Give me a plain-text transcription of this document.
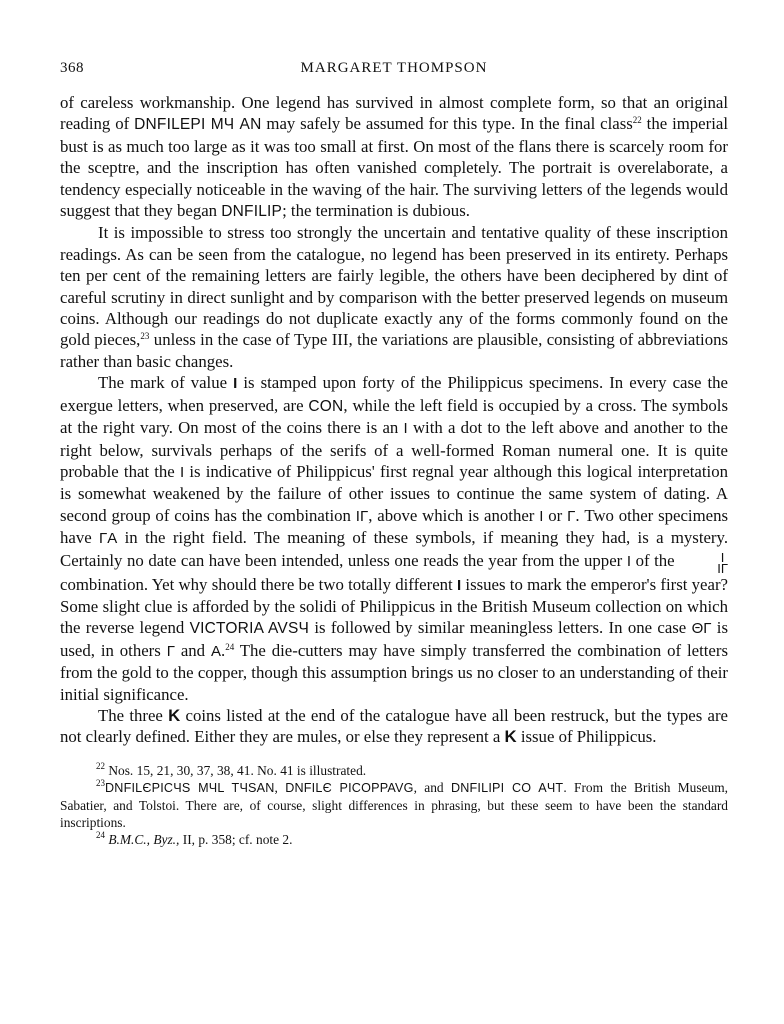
368	MARGARET THOMPSON

of careless workmanship. One legend has survived in almost complete form, so that an original reading of DNFILEPI MЧ AN may safely be assumed for this type. In the final class$^{22}$ the imperial bust is as much too large as it was too small at first. On most of the flans there is scarcely room for the sceptre, and the inscription has often vanished completely. The portrait is overelaborate, a tendency especially noticeable in the waving of the hair. The surviving letters of the legends would suggest that they began DNFILIP; the termination is dubious.

It is impossible to stress too strongly the uncertain and tentative quality of these inscription readings. As can be seen from the catalogue, no legend has been preserved in its entirety. Perhaps ten per cent of the remaining letters are fairly legible, the others have been deciphered by dint of careful scrutiny in direct sunlight and by comparison with the better preserved legends on museum coins. Although our readings do not duplicate exactly any of the forms commonly found on the gold pieces,$^{23}$ unless in the case of Type III, the variations are plausible, consisting of abbreviations rather than basic changes.

The mark of value I is stamped upon forty of the Philippicus specimens. In every case the exergue letters, when preserved, are CON, while the left field is occupied by a cross. The symbols at the right vary. On most of the coins there is an I with a dot to the left above and another to the right below, survivals perhaps of the serifs of a well-formed Roman numeral one. It is quite probable that the I is indicative of Philippicus' first regnal year although this logical interpretation is somewhat weakened by the failure of other issues to continue the same system of dating. A second group of coins has the combination IΓ, above which is another I or Γ. Two other specimens have ΓA in the right field. The meaning of these symbols, if meaning they had, is a mystery. Certainly no date can have been intended, unless one reads the year from the upper I of the	I
IΓ
combination. Yet why should there be two totally different I issues to mark the emperor's first year? Some slight clue is afforded by the solidi of Philippicus in the British Museum collection on which the reverse legend VICTORIA AVSЧ is followed by similar meaningless letters. In one case ΘΓ is used, in others Γ and A.$^{24}$ The die-cutters may have simply transferred the combination of letters from the gold to the copper, though this assumption brings us no closer to an understanding of their initial significance.

The three K coins listed at the end of the catalogue have all been restruck, but the types are not clearly defined. Either they are mules, or else they represent a K issue of Philippicus.

$^{22}$ Nos. 15, 21, 30, 37, 38, 41. No. 41 is illustrated.

$^{23}$DNFILЄPICЧS MЧL TЧSAN, DNFILЄ PICOPPAVG, and DNFILIPI CO AЧT. From the British Museum, Sabatier, and Tolstoi. There are, of course, slight differences in phrasing, but these seem to have been the standard inscriptions.

$^{24}$ B.M.C., Byz., II, p. 358; cf. note 2.
